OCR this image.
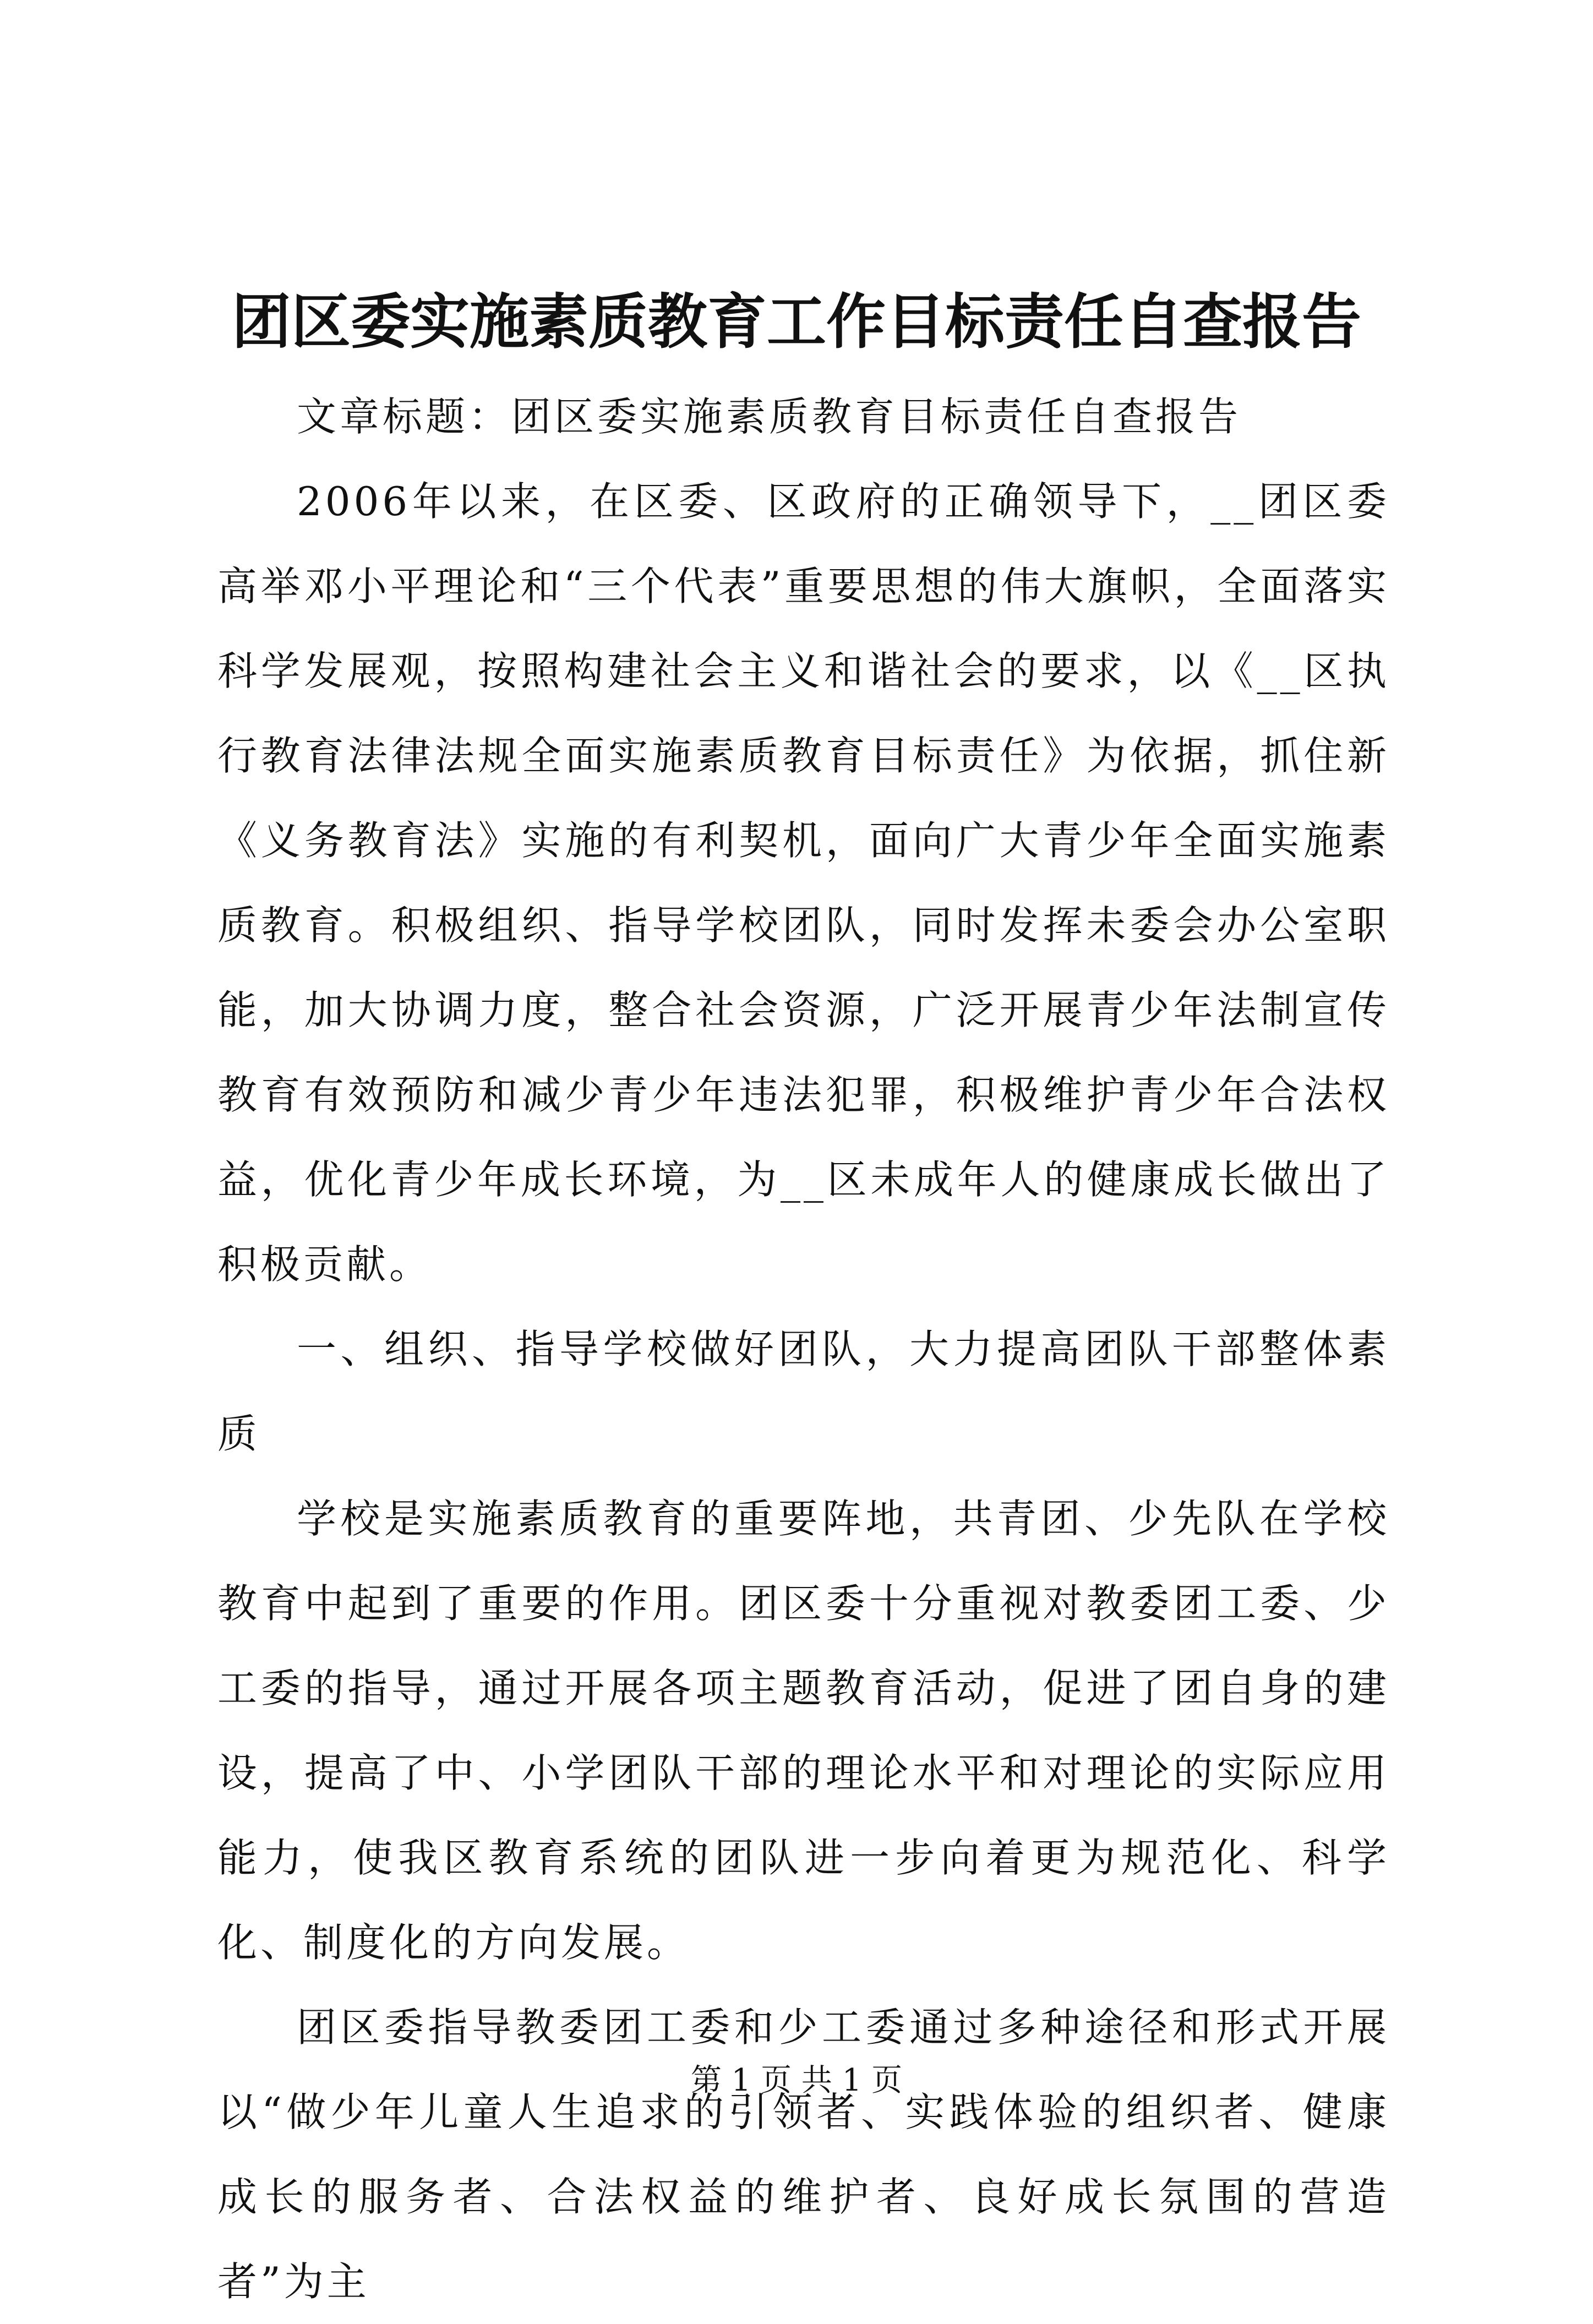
团区委实施素质教育工作目标责任自查报告

文章标题：团区委实施素质教育目标责任自查报告

2006年以来，在区委、区政府的正确领导下，__团区委高举邓小平理论和“三个代表”重要思想的伟大旗帜，全面落实科学发展观，按照构建社会主义和谐社会的要求，以《__区执行教育法律法规全面实施素质教育目标责任》为依据，抓住新《义务教育法》实施的有利契机，面向广大青少年全面实施素质教育。积极组织、指导学校团队，同时发挥未委会办公室职能，加大协调力度，整合社会资源，广泛开展青少年法制宣传教育有效预防和减少青少年违法犯罪，积极维护青少年合法权益，优化青少年成长环境，为__区未成年人的健康成长做出了积极贡献。

一、组织、指导学校做好团队，大力提高团队干部整体素质

学校是实施素质教育的重要阵地，共青团、少先队在学校教育中起到了重要的作用。团区委十分重视对教委团工委、少工委的指导，通过开展各项主题教育活动，促进了团自身的建设，提高了中、小学团队干部的理论水平和对理论的实际应用能力，使我区教育系统的团队进一步向着更为规范化、科学化、制度化的方向发展。

团区委指导教委团工委和少工委通过多种途径和形式开展以“做少年儿童人生追求的引领者、实践体验的组织者、健康成长的服务者、合法权益的维护者、良好成长氛围的营造者”为主

第 1 页 共 1 页
